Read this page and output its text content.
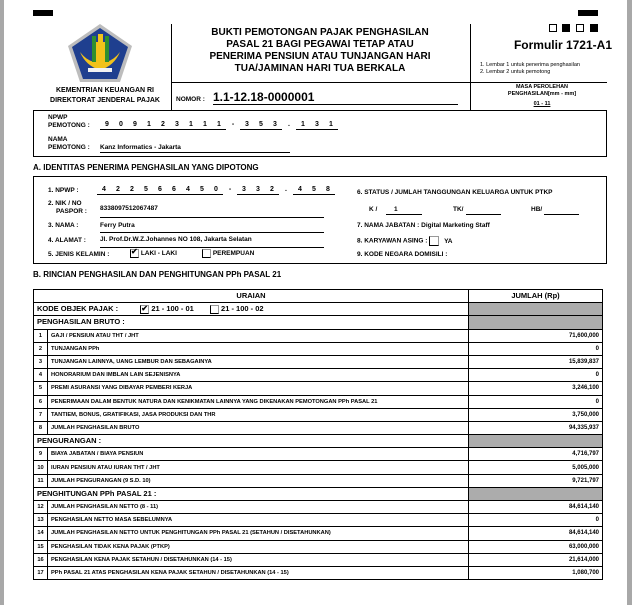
KEMENTRIAN KEUANGAN RI
DIREKTORAT JENDERAL PAJAK
BUKTI PEMOTONGAN PAJAK PENGHASILAN
PASAL 21 BAGI PEGAWAI TETAP ATAU
PENERIMA PENSIUN ATAU TUNJANGAN HARI
TUA/JAMINAN HARI TUA BERKALA
NOMOR : 1.1-12.18-0000001
Formulir 1721-A1
1. Lembar 1 untuk penerima penghasilan
2. Lembar 2 untuk pemotong
MASA PEROLEHAN
PENGHASILAN[mm - mm]
01 - 11
NPWP
PEMOTONG :	9	0	9	1	2	3	1	1	1	-	3	5	3	.	1	3	1
NAMA
PEMOTONG : Kanz Informatics - Jakarta
A. IDENTITAS PENERIMA PENGHASILAN YANG DIPOTONG
1. NPWP :	4	2	2	5	6	6	4	5	0	-	3	3	2	.	4	5	8
2. NIK / NO
PASPOR : 8338097512067487
3. NAMA :	Ferry Putra
4. ALAMAT : Jl. Prof.Dr.W.Z.Johannes NO 108, Jakarta Selatan
5. JENIS KELAMIN : ✔	LAKI - LAKI	PEREMPUAN
6. STATUS / JUMLAH TANGGUNGAN KELUARGA UNTUK PTKP
K /	1	TK/	HB/
7. NAMA JABATAN : Digital Marketing Staff
8. KARYAWAN ASING :	YA
9. KODE NEGARA DOMISILI :
B. RINCIAN PENGHASILAN DAN PENGHITUNGAN PPh PASAL 21
URAIAN		JUMLAH (Rp)
KODE OBJEK PAJAK : ✔ 21 - 100 - 01 21 - 100 - 02	
PENGHASILAN BRUTO :		
1	GAJI / PENSIUN ATAU THT / JHT	71,600,000
2	TUNJANGAN PPh	0
3	TUNJANGAN LAINNYA, UANG LEMBUR DAN SEBAGAINYA	15,839,837
4	HONORARIUM DAN IMBLAN LAIN SEJENISNYA	0
5	PREMI ASURANSI YANG DIBAYAR PEMBERI KERJA	3,246,100
6	PENERIMAAN DALAM BENTUK NATURA DAN KENIKMATAN LAINNYA YANG DIKENAKAN PEMOTONGAN PPh PASAL 21	0
7	TANTIEM, BONUS, GRATIFIKASI, JASA PRODUKSI DAN THR	3,750,000
8	JUMLAH PENGHASILAN BRUTO	94,335,937
PENGURANGAN :		
9	BIAYA JABATAN / BIAYA PENSIUN	4,716,797
10	IURAN PENSIUN ATAU IURAN THT / JHT	5,005,000
11	JUMLAH PENGURANGAN (9 S.D. 10)	9,721,797
PENGHITUNGAN PPh PASAL 21 :		
12	JUMLAH PENGHASILAN NETTO (8 - 11)	84,614,140
13	PENGHASILAN NETTO MASA SEBELUMNYA	0
14	JUMLAH PENGHASILAN NETTO UNTUK PENGHITUNGAN PPh PASAL 21 (SETAHUN / DISETAHUNKAN)	84,614,140
15	PENGHASILAN TIDAK KENA PAJAK (PTKP)	63,000,000
16	PENGHASILAN KENA PAJAK SETAHUN / DISETAHUNKAN (14 - 15)	21,614,000
17	PPh PASAL 21 ATAS PENGHASILAN KENA PAJAK SETAHUN / DISETAHUNKAN (14 - 15)	1,080,700
